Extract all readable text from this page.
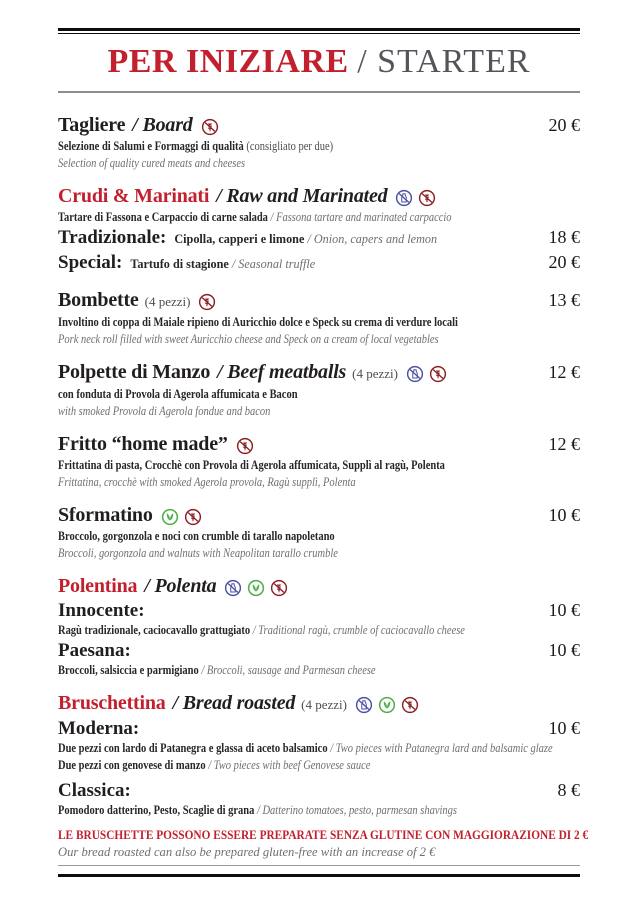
PER INIZIARE / STARTER
Tagliere / Board	20 €
Selezione di Salumi e Formaggi di qualità (consigliato per due)
Selection of quality cured meats and cheeses
Crudi & Marinati / Raw and Marinated
Tartare di Fassona e Carpaccio di carne salada / Fassona tartare and marinated carpaccio
Tradizionale: Cipolla, capperi e limone / Onion, capers and lemon	18 €
Special: Tartufo di stagione / Seasonal truffle	20 €
Bombette (4 pezzi)	13 €
Involtino di coppa di Maiale ripieno di Auricchio dolce e Speck su crema di verdure locali
Pork neck roll filled with sweet Auricchio cheese and Speck on a cream of local vegetables
Polpette di Manzo / Beef meatballs (4 pezzi)	12 €
con fonduta di Provola di Agerola affumicata e Bacon
with smoked Provola di Agerola fondue and bacon
Fritto “home made”	12 €
Frittatina di pasta, Crocchè con Provola di Agerola affumicata, Supplì al ragù, Polenta
Frittatina, crocchè with smoked Agerola provola, Ragù supplì, Polenta
Sformatino	10 €
Broccolo, gorgonzola e noci con crumble di tarallo napoletano
Broccoli, gorgonzola and walnuts with Neapolitan tarallo crumble
Polentina / Polenta
Innocente:	10 €
Ragù tradizionale, caciocavallo grattugiato / Traditional ragù, crumble of caciocavallo cheese
Paesana:	10 €
Broccoli, salsiccia e parmigiano / Broccoli, sausage and Parmesan cheese
Bruschettina / Bread roasted (4 pezzi)
Moderna:	10 €
Due pezzi con lardo di Patanegra e glassa di aceto balsamico / Two pieces with Patanegra lard and balsamic glaze
Due pezzi con genovese di manzo / Two pieces with beef Genovese sauce
Classica:	8 €
Pomodoro datterino, Pesto, Scaglie di grana / Datterino tomatoes, pesto, parmesan shavings
LE BRUSCHETTE POSSONO ESSERE PREPARATE SENZA GLUTINE CON MAGGIORAZIONE DI 2 €
Our bread roasted can also be prepared gluten-free with an increase of 2 €
